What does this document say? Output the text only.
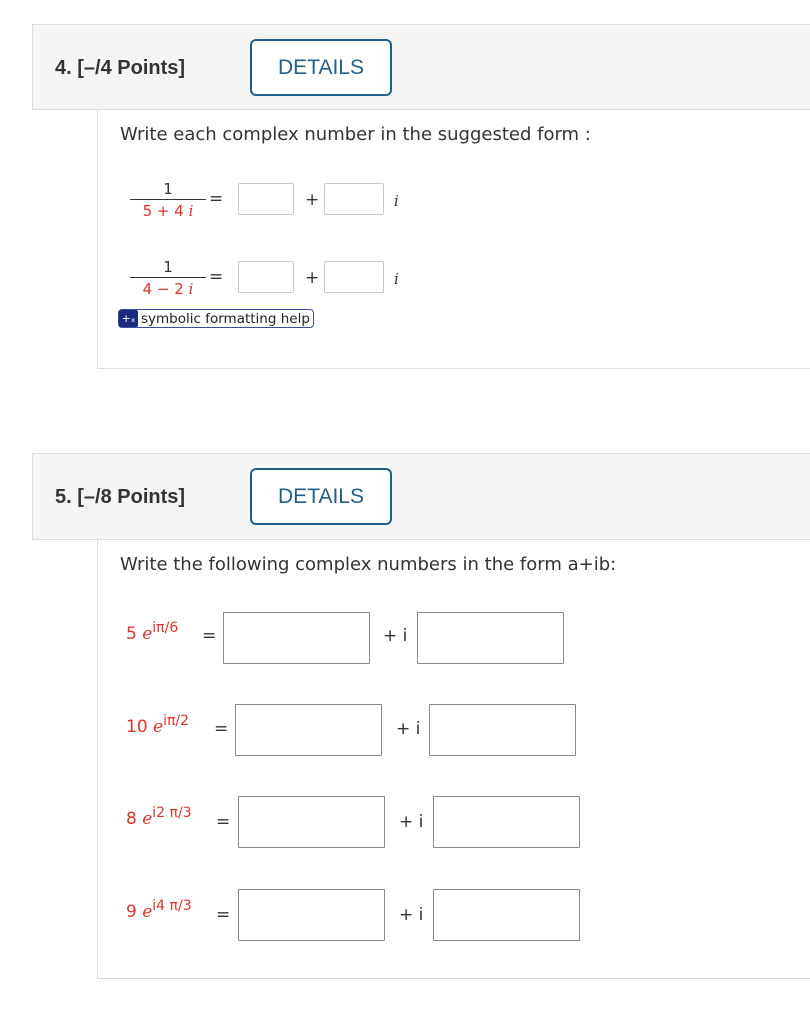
4. [–/4 Points]	DETAILS
Write each complex number in the suggested form :
1
5 + 4 i
=	+	i
1
4 − 2 i
=	+	i
+ₓ symbolic formatting help
5. [–/8 Points]	DETAILS
Write the following complex numbers in the form a+ib:
5 $e^{i\pi/6}$ =	+ i
10 $e^{i\pi/2}$ =	+ i
8 $e^{i2 \pi/3}$ =	+ i
9 $e^{i4 \pi/3}$ =	+ i
